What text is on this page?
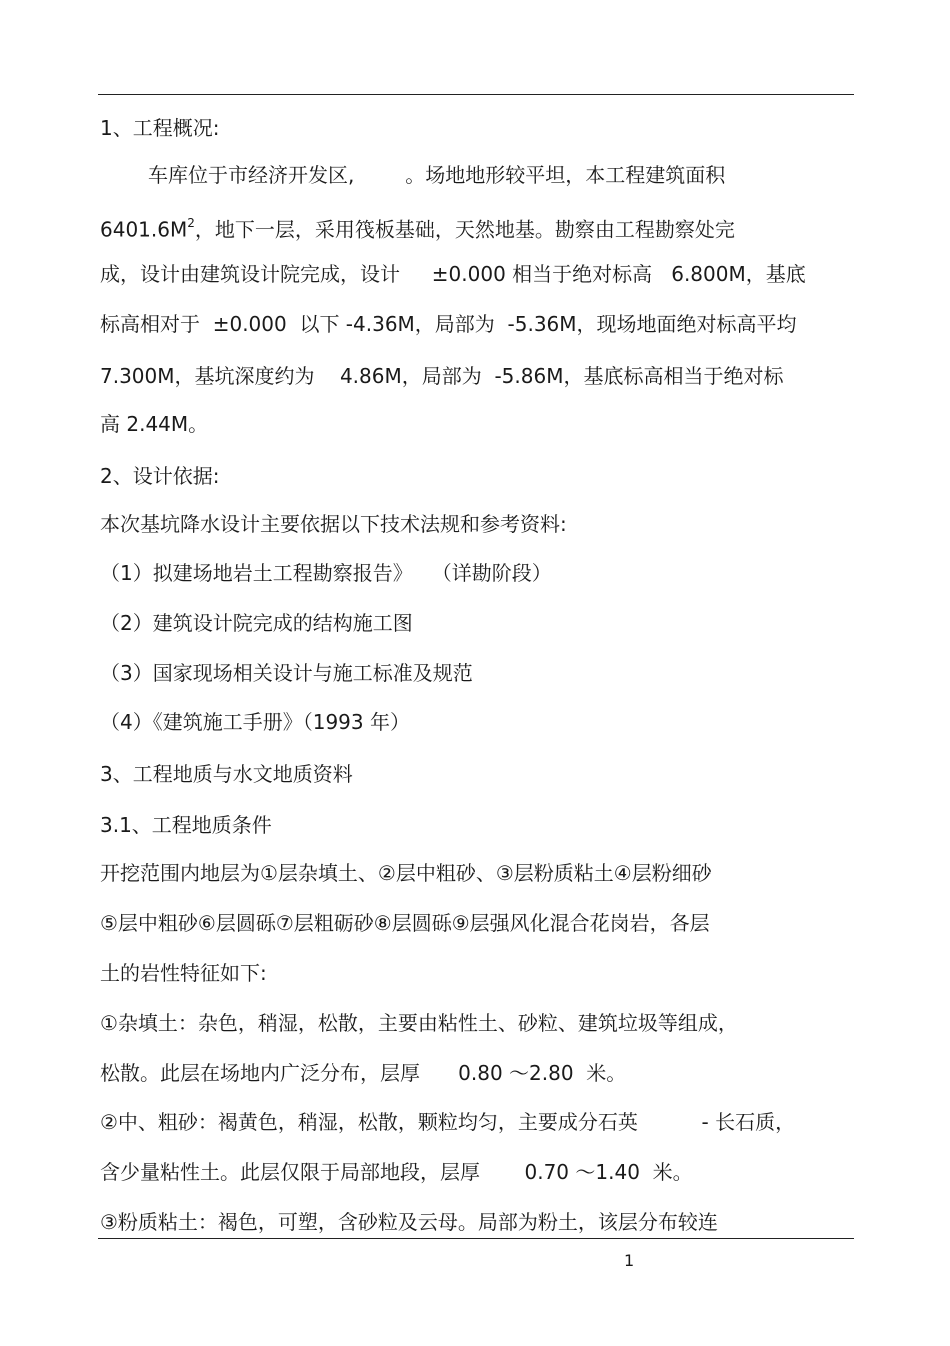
1、工程概况:

车库位于市经济开发区,        。场地地形较平坦，本工程建筑面积

$6401.6M^2$，地下一层，采用筏板基础，天然地基。勘察由工程勘察处完

成，设计由建筑设计院完成，设计     ±0.000 相当于绝对标高   6.800M，基底

标高相对于  ±0.000  以下 -4.36M，局部为  -5.36M，现场地面绝对标高平均

7.300M，基坑深度约为    4.86M，局部为  -5.86M，基底标高相当于绝对标

高 2.44M。

2、设计依据:

本次基坑降水设计主要依据以下技术法规和参考资料:

（1）拟建场地岩土工程勘察报告》   （详勘阶段）

（2）建筑设计院完成的结构施工图

（3）国家现场相关设计与施工标准及规范

（4）《建筑施工手册》（1993 年）

3、工程地质与水文地质资料

3.1、工程地质条件

开挖范围内地层为①层杂填土、②层中粗砂、③层粉质粘土④层粉细砂

⑤层中粗砂⑥层圆砾⑦层粗砺砂⑧层圆砾⑨层强风化混合花岗岩，各层

土的岩性特征如下:

①杂填土：杂色，稍湿，松散，主要由粘性土、砂粒、建筑垃圾等组成，

松散。此层在场地内广泛分布，层厚      0.80 ～2.80  米。

②中、粗砂：褐黄色，稍湿，松散，颗粒均匀，主要成分石英          - 长石质，

含少量粘性土。此层仅限于局部地段，层厚       0.70 ～1.40  米。

③粉质粘土：褐色，可塑，含砂粒及云母。局部为粉土，该层分布较连

1
